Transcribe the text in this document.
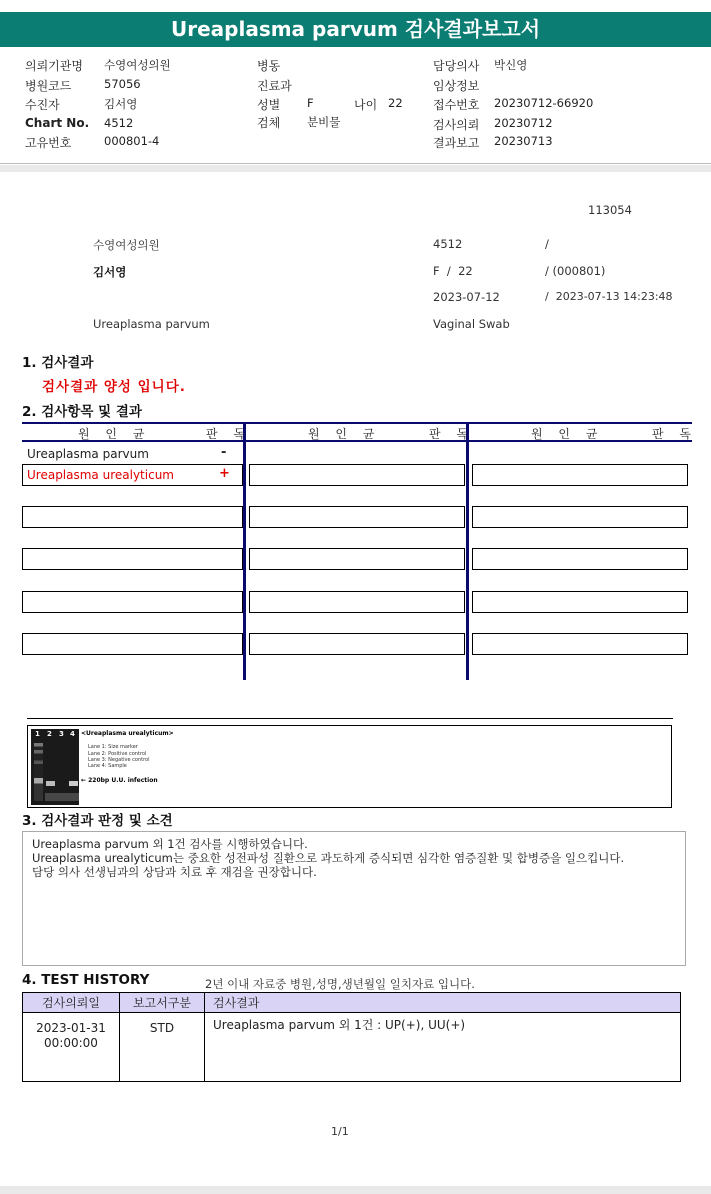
Ureaplasma parvum 검사결과보고서
의뢰기관명 수영여성의원
병원코드	57056
수진자	김서영
Chart No. 4512
고유번호	000801-4
병동
진료과
성별 F	나이 22
검체 분비물
담당의사 박신영
임상정보
접수번호 20230712-66920
검사의뢰 20230712
결과보고 20230713
113054
수영여성의원	4512	/
김서영	F  /  22	/ (000801)
2023-07-12	/  2023-07-13 14:23:48
Ureaplasma parvum	Vaginal Swab
1. 검사결과
검사결과 양성 입니다.
2. 검사항목 및 결과
원 인 균	판 독	원 인 균	판 독	원 인 균	판 독
Ureaplasma parvum	-
Ureaplasma urealyticum	+
1 2 3 4 <Ureaplasma urealyticum>
Lane 1: Size marker
Lane 2: Positive control
Lane 3: Negative control
Lane 4: Sample
← 220bp U.U. infection
3. 검사결과 판정 및 소견
Ureaplasma parvum 외 1건 검사를 시행하였습니다.
Ureaplasma urealyticum는 중요한 성전파성 질환으로 과도하게 증식되면 심각한 염증질환 및 합병증을 일으킵니다.
담당 의사 선생님과의 상담과 치료 후 재검을 권장합니다.
4. TEST HISTORY	2년 이내 자료중 병원,성명,생년월일 일치자료 입니다.
검사의뢰일	보고서구분	검사결과

2023-01-31
00:00:00	STD	Ureaplasma parvum 외 1건 : UP(+), UU(+)
1/1
